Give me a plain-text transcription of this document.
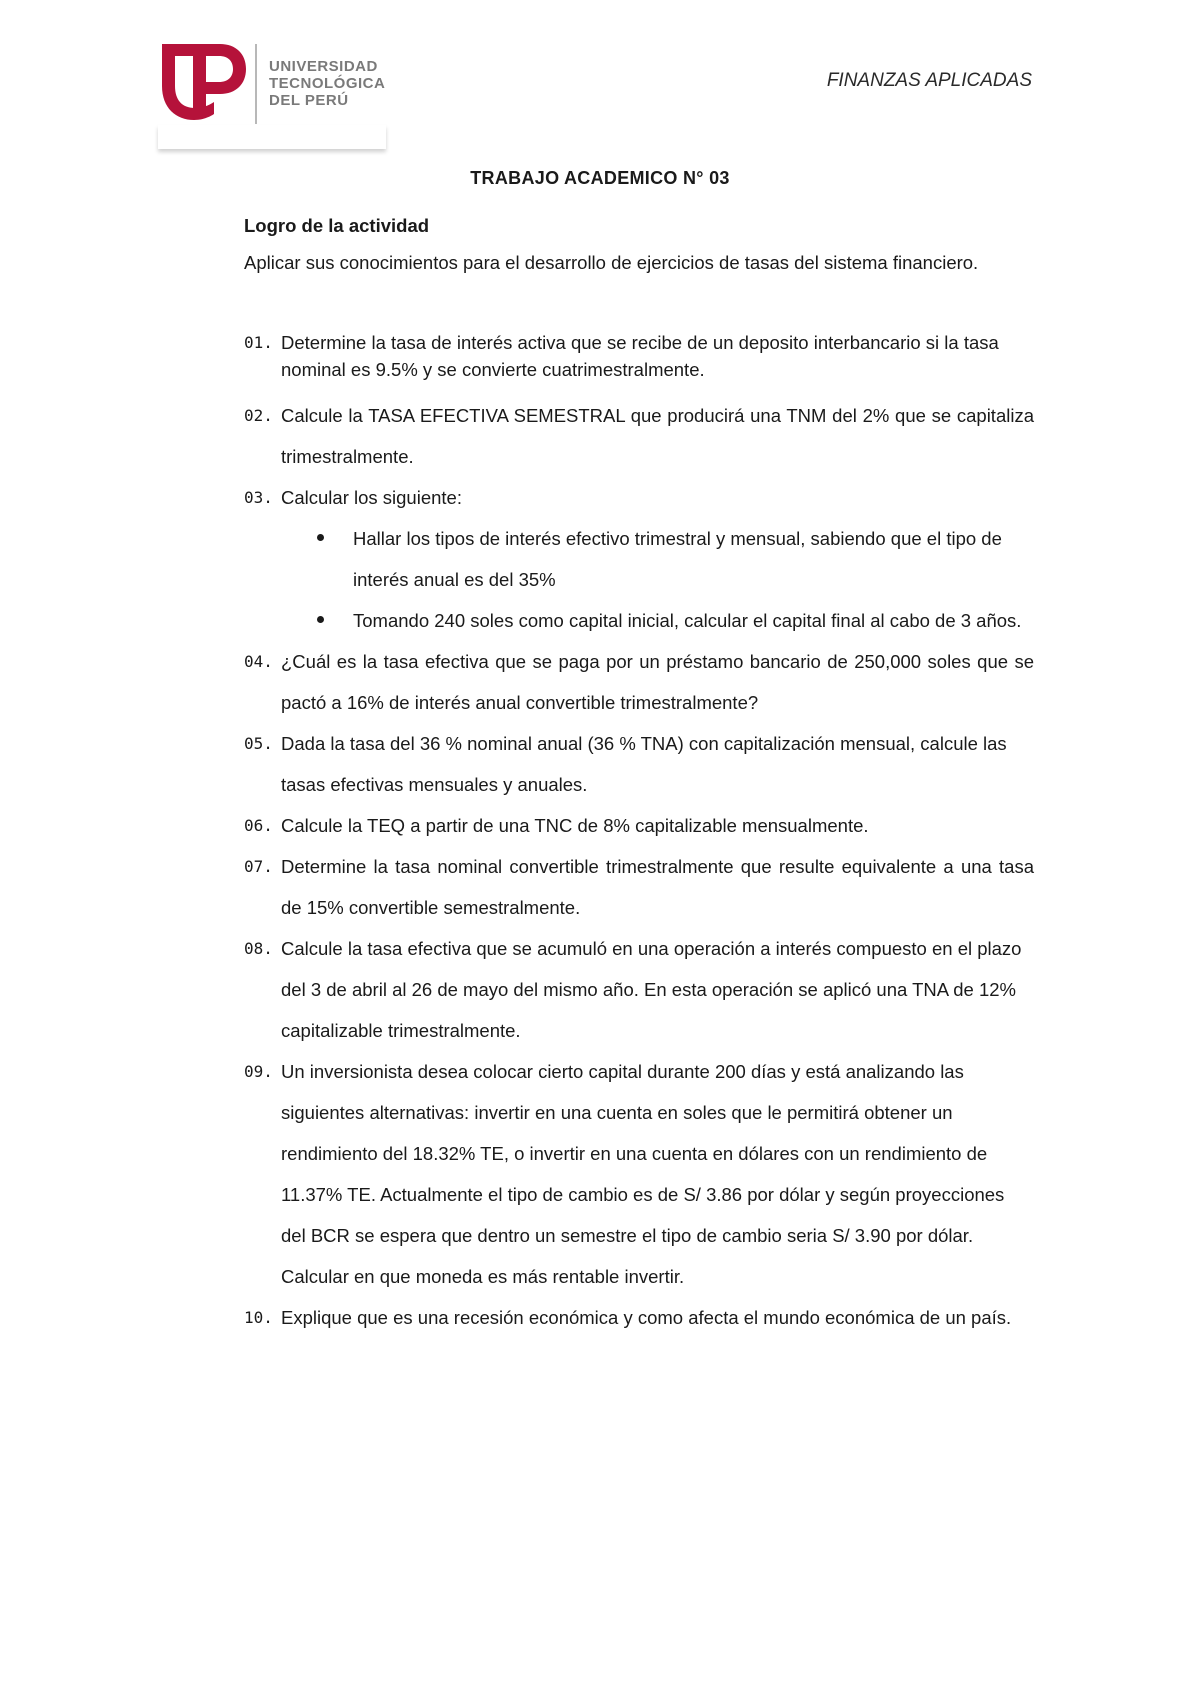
UNIVERSIDAD
TECNOLÓGICA
DEL PERÚ
FINANZAS APLICADAS
TRABAJO ACADEMICO N° 03

Logro de la actividad

Aplicar sus conocimientos para el desarrollo de ejercicios de tasas del sistema financiero.

01. Determine la tasa de interés activa que se recibe de un deposito interbancario si la tasa nominal es 9.5% y se convierte cuatrimestralmente.
02. Calcule la TASA EFECTIVA SEMESTRAL que producirá una TNM del 2% que se capitaliza trimestralmente.
03. Calcular los siguiente:
Hallar los tipos de interés efectivo trimestral y mensual, sabiendo que el tipo de interés anual es del 35%
Tomando 240 soles como capital inicial, calcular el capital final al cabo de 3 años.
04. ¿Cuál es la tasa efectiva que se paga por un préstamo bancario de 250,000 soles que se pactó a 16% de interés anual convertible trimestralmente?
05. Dada la tasa del 36 % nominal anual (36 % TNA) con capitalización mensual, calcule las tasas efectivas mensuales y anuales.
06. Calcule la TEQ a partir de una TNC de 8% capitalizable mensualmente.
07. Determine la tasa nominal convertible trimestralmente que resulte equivalente a una tasa de 15% convertible semestralmente.
08. Calcule la tasa efectiva que se acumuló en una operación a interés compuesto en el plazo del 3 de abril al 26 de mayo del mismo año. En esta operación se aplicó una TNA de 12% capitalizable trimestralmente.
09. Un inversionista desea colocar cierto capital durante 200 días y está analizando las siguientes alternativas: invertir en una cuenta en soles que le permitirá obtener un rendimiento del 18.32% TE, o invertir en una cuenta en dólares con un rendimiento de 11.37% TE. Actualmente el tipo de cambio es de S/ 3.86 por dólar y según proyecciones del BCR se espera que dentro un semestre el tipo de cambio seria S/ 3.90 por dólar. Calcular en que moneda es más rentable invertir.
10. Explique que es una recesión económica y como afecta el mundo económica de un país.
